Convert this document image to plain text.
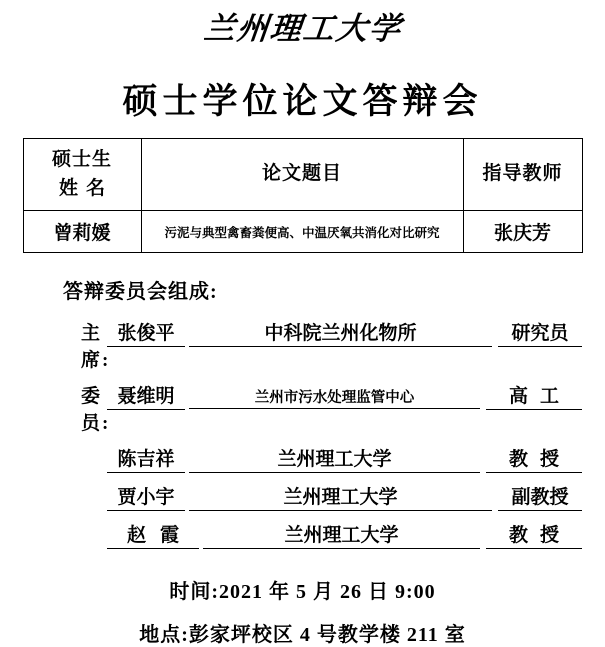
兰州理工大学
硕士学位论文答辩会
硕士生
姓名	论文题目	指导教师
曾莉媛	污泥与典型禽畜粪便高、中温厌氧共消化对比研究	张庆芳
答辩委员会组成:
主席:
张俊平	中科院兰州化物所	研究员
委员:
聂维明	兰州市污水处理监管中心	高工
陈吉祥	兰州理工大学	教授
贾小宇	兰州理工大学	副教授
赵霞	兰州理工大学	教授
时间:2021 年 5 月 26 日 9:00
地点:彭家坪校区 4 号教学楼 211 室
